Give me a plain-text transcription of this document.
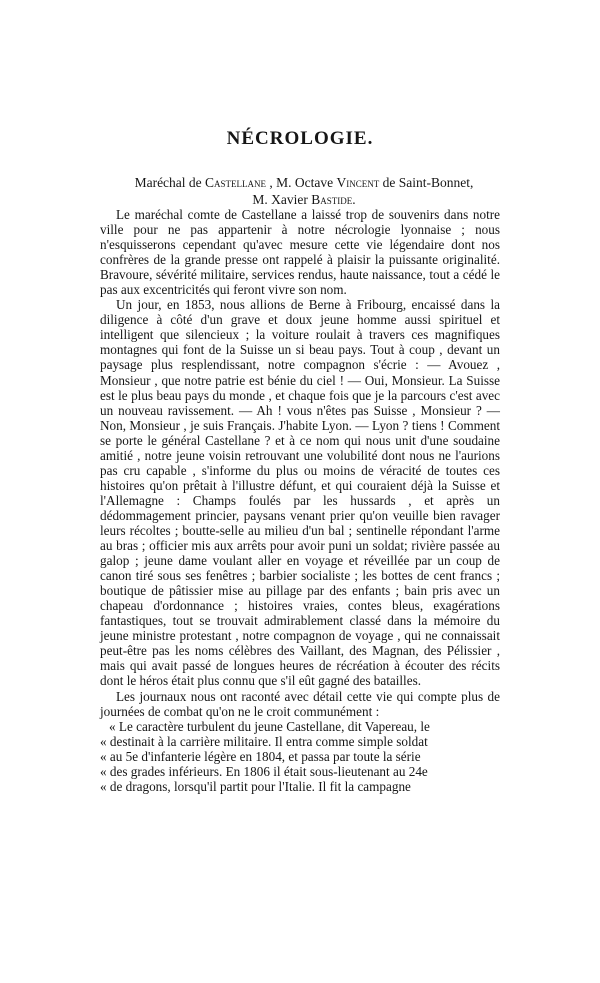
NÉCROLOGIE.
Maréchal de Castellane , M. Octave Vincent de Saint-Bonnet,
M. Xavier Bastide.

Le maréchal comte de Castellane a laissé trop de souvenirs dans notre ville pour ne pas appartenir à notre nécrologie lyonnaise ; nous n'esquisserons cependant qu'avec mesure cette vie légendaire dont nos confrères de la grande presse ont rappelé à plaisir la puissante originalité. Bravoure, sévérité militaire, services rendus, haute naissance, tout a cédé le pas aux excentricités qui feront vivre son nom.

Un jour, en 1853, nous allions de Berne à Fribourg, encaissé dans la diligence à côté d'un grave et doux jeune homme aussi spirituel et intelligent que silencieux ; la voiture roulait à travers ces magnifiques montagnes qui font de la Suisse un si beau pays. Tout à coup , devant un paysage plus resplendissant, notre compagnon s'écrie : — Avouez , Monsieur , que notre patrie est bénie du ciel ! — Oui, Monsieur. La Suisse est le plus beau pays du monde , et chaque fois que je la parcours c'est avec un nouveau ravissement. — Ah ! vous n'êtes pas Suisse , Monsieur ? — Non, Monsieur , je suis Français. J'habite Lyon. — Lyon ? tiens ! Comment se porte le général Castellane ? et à ce nom qui nous unit d'une soudaine amitié , notre jeune voisin retrouvant une volubilité dont nous ne l'aurions pas cru capable , s'informe du plus ou moins de véracité de toutes ces histoires qu'on prêtait à l'illustre défunt, et qui couraient déjà la Suisse et l'Allemagne : Champs foulés par les hussards , et après un dédommagement princier, paysans venant prier qu'on veuille bien ravager leurs récoltes ; boutte-selle au milieu d'un bal ; sentinelle répondant l'arme au bras ; officier mis aux arrêts pour avoir puni un soldat; rivière passée au galop ; jeune dame voulant aller en voyage et réveillée par un coup de canon tiré sous ses fenêtres ; barbier socialiste ; les bottes de cent francs ; boutique de pâtissier mise au pillage par des enfants ; bain pris avec un chapeau d'ordonnance ; histoires vraies, contes bleus, exagérations fantastiques, tout se trouvait admirablement classé dans la mémoire du jeune ministre protestant , notre compagnon de voyage , qui ne connaissait peut-être pas les noms célèbres des Vaillant, des Magnan, des Pélissier , mais qui avait passé de longues heures de récréation à écouter des récits dont le héros était plus connu que s'il eût gagné des batailles.

Les journaux nous ont raconté avec détail cette vie qui compte plus de journées de combat qu'on ne le croit communément :

« Le caractère turbulent du jeune Castellane, dit Vapereau, le

« destinait à la carrière militaire. Il entra comme simple soldat

« au 5e d'infanterie légère en 1804, et passa par toute la série

« des grades inférieurs. En 1806 il était sous-lieutenant au 24e

« de dragons, lorsqu'il partit pour l'Italie. Il fit la campagne
